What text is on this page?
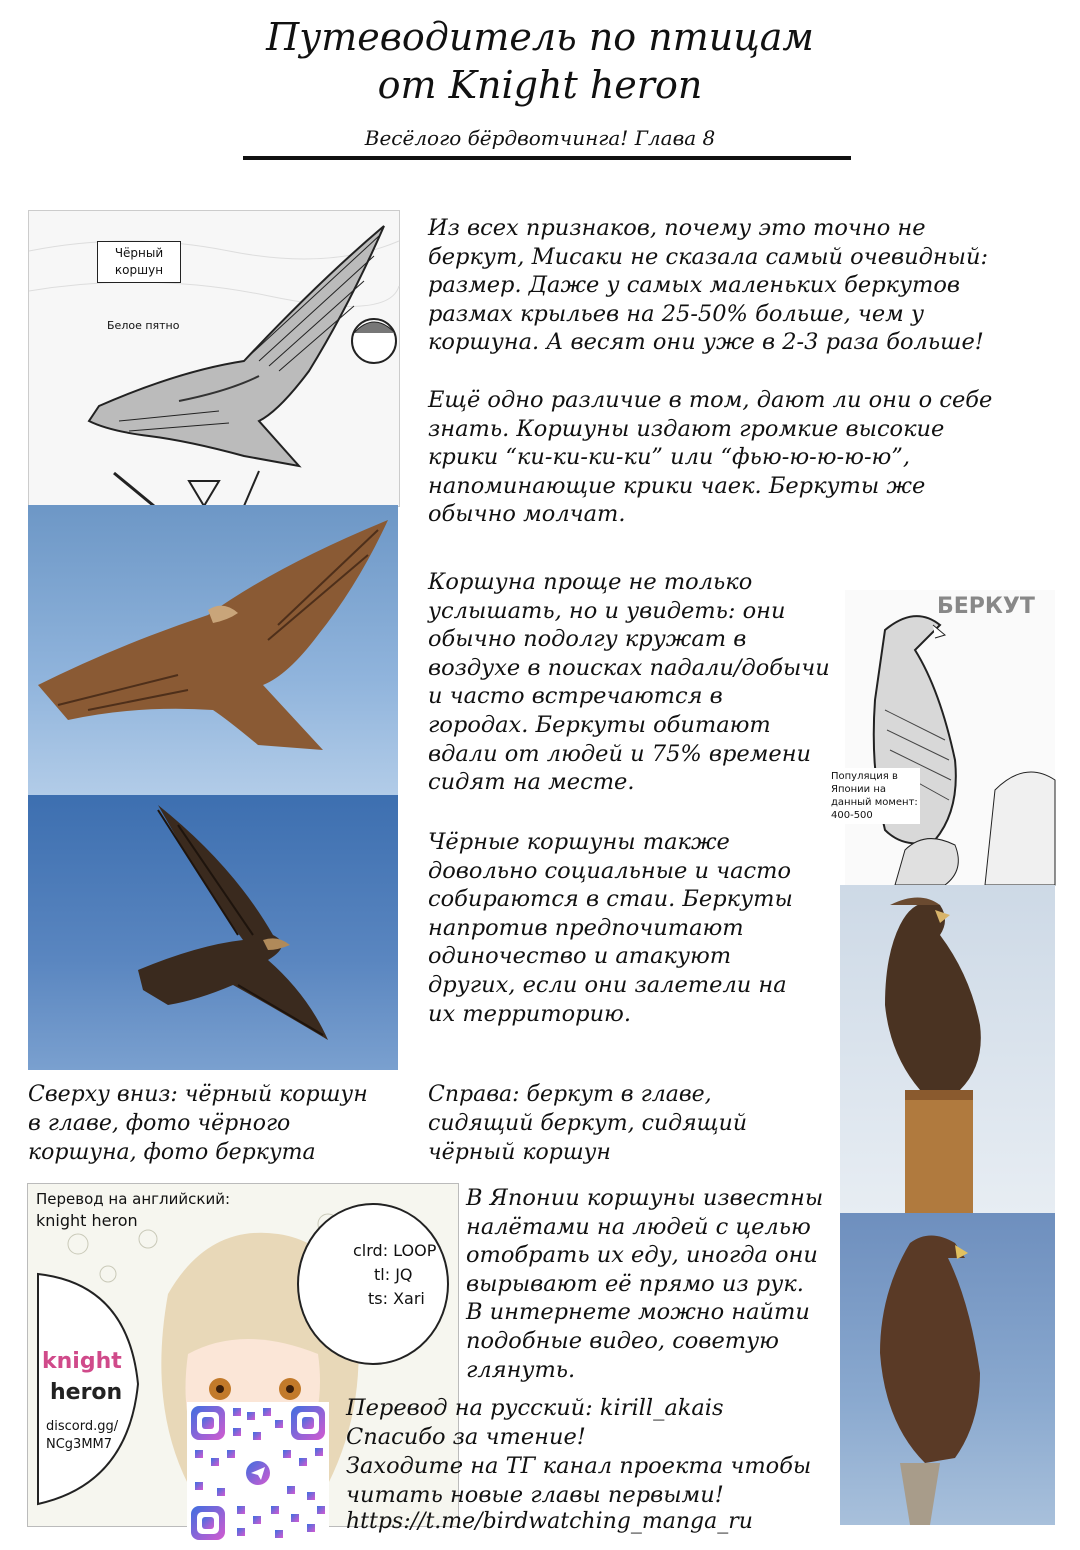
Путеводитель по птицам
от Knight heron
Весёлого бёрдвотчинга! Глава 8
Чёрный
коршун
Белое пятно
БЕРКУТ
Популяция в
Японии на
данный момент:
400-500
Из всех признаков, почему это точно не
беркут, Мисаки не сказала самый очевидный:
размер. Даже у самых маленьких беркутов
размах крыльев на 25-50% больше, чем у
коршуна. А весят они уже в 2-3 раза больше!
Ещё одно различие в том, дают ли они о себе
знать. Коршуны издают громкие высокие
крики “ки-ки-ки-ки” или “фью-ю-ю-ю-ю”,
напоминающие крики чаек. Беркуты же
обычно молчат.
Коршуна проще не только
услышать, но и увидеть: они
обычно подолгу кружат в
воздухе в поисках падали/добычи
и часто встречаются в
городах. Беркуты обитают
вдали от людей и 75% времени
сидят на месте.
Чёрные коршуны также
довольно социальные и часто
собираются в стаи. Беркуты
напротив предпочитают
одиночество и атакуют
других, если они залетели на
их территорию.
Сверху вниз: чёрный коршун
в главе, фото чёрного
коршуна, фото беркута
Справа: беркут в главе,
сидящий беркут, сидящий
чёрный коршун
Перевод на английский:
knight heron
clrd: LOOP
tl: JQ
ts: Xari
knight
heron
discord.gg/
NCg3MM7
В Японии коршуны известны
налётами на людей с целью
отобрать их еду, иногда они
вырывают её прямо из рук.
В интернете можно найти
подобные видео, советую
глянуть.
Перевод на русский: kirill_akais
Спасибо за чтение!
Заходите на ТГ канал проекта чтобы
читать новые главы первыми!
https://t.me/birdwatching_manga_ru
